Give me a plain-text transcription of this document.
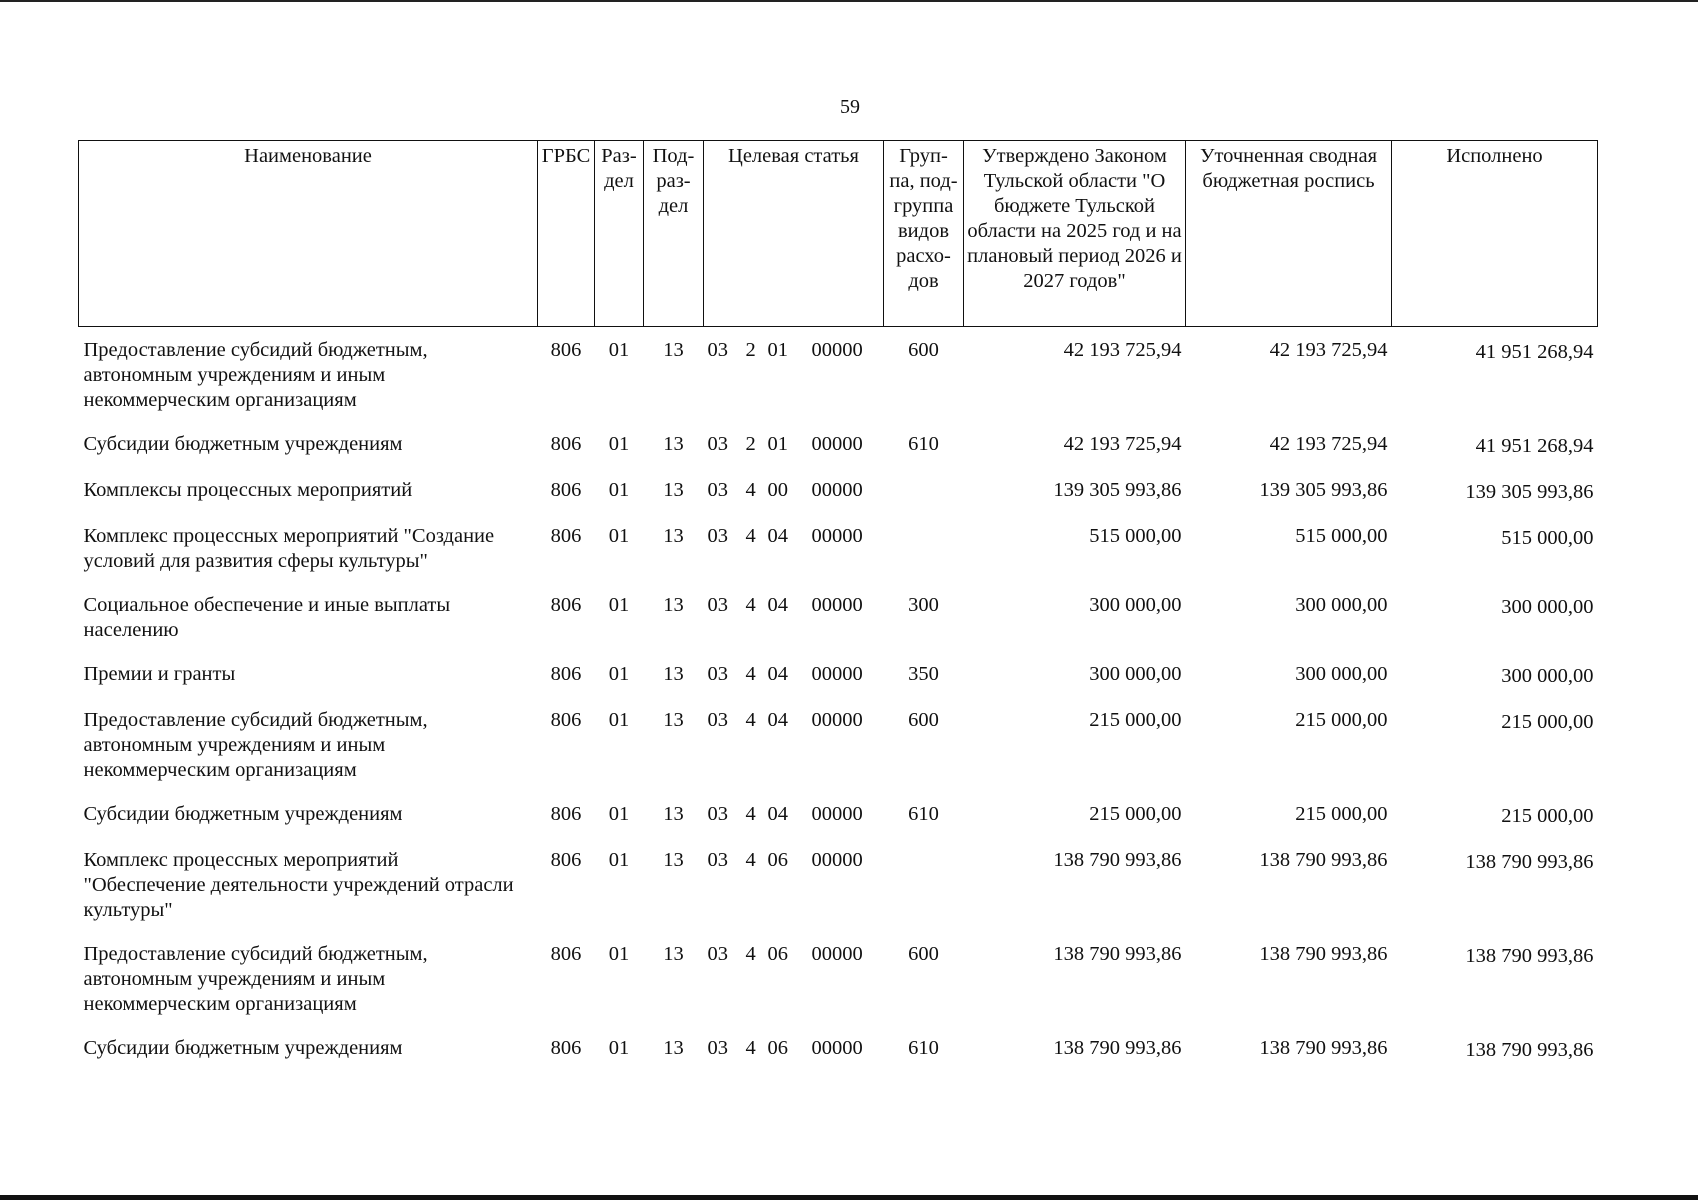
59
Наименование	ГРБС	Раз- дел	Под- раз- дел	Целевая статья	Груп- па, под- группа видов расхо- дов	Утверждено Законом Тульской области "О бюджете Тульской области на 2025 год и на плановый период 2026 и 2027 годов"	Уточненная сводная бюджетная роспись	Исполнено
Предоставление субсидий бюджетным, автономным учреждениям и иным некоммерческим организациям	806	01	13	03 2 01 00000	600	42 193 725,94	42 193 725,94	41 951 268,94
Субсидии бюджетным учреждениям	806	01	13	03 2 01 00000	610	42 193 725,94	42 193 725,94	41 951 268,94
Комплексы процессных мероприятий	806	01	13	03 4 00 00000		139 305 993,86	139 305 993,86	139 305 993,86
Комплекс процессных мероприятий "Создание условий для развития сферы культуры"	806	01	13	03 4 04 00000		515 000,00	515 000,00	515 000,00
Социальное обеспечение и иные выплаты населению	806	01	13	03 4 04 00000	300	300 000,00	300 000,00	300 000,00
Премии и гранты	806	01	13	03 4 04 00000	350	300 000,00	300 000,00	300 000,00
Предоставление субсидий бюджетным, автономным учреждениям и иным некоммерческим организациям	806	01	13	03 4 04 00000	600	215 000,00	215 000,00	215 000,00
Субсидии бюджетным учреждениям	806	01	13	03 4 04 00000	610	215 000,00	215 000,00	215 000,00
Комплекс процессных мероприятий "Обеспечение деятельности учреждений отрасли культуры"	806	01	13	03 4 06 00000		138 790 993,86	138 790 993,86	138 790 993,86
Предоставление субсидий бюджетным, автономным учреждениям и иным некоммерческим организациям	806	01	13	03 4 06 00000	600	138 790 993,86	138 790 993,86	138 790 993,86
Субсидии бюджетным учреждениям	806	01	13	03 4 06 00000	610	138 790 993,86	138 790 993,86	138 790 993,86
